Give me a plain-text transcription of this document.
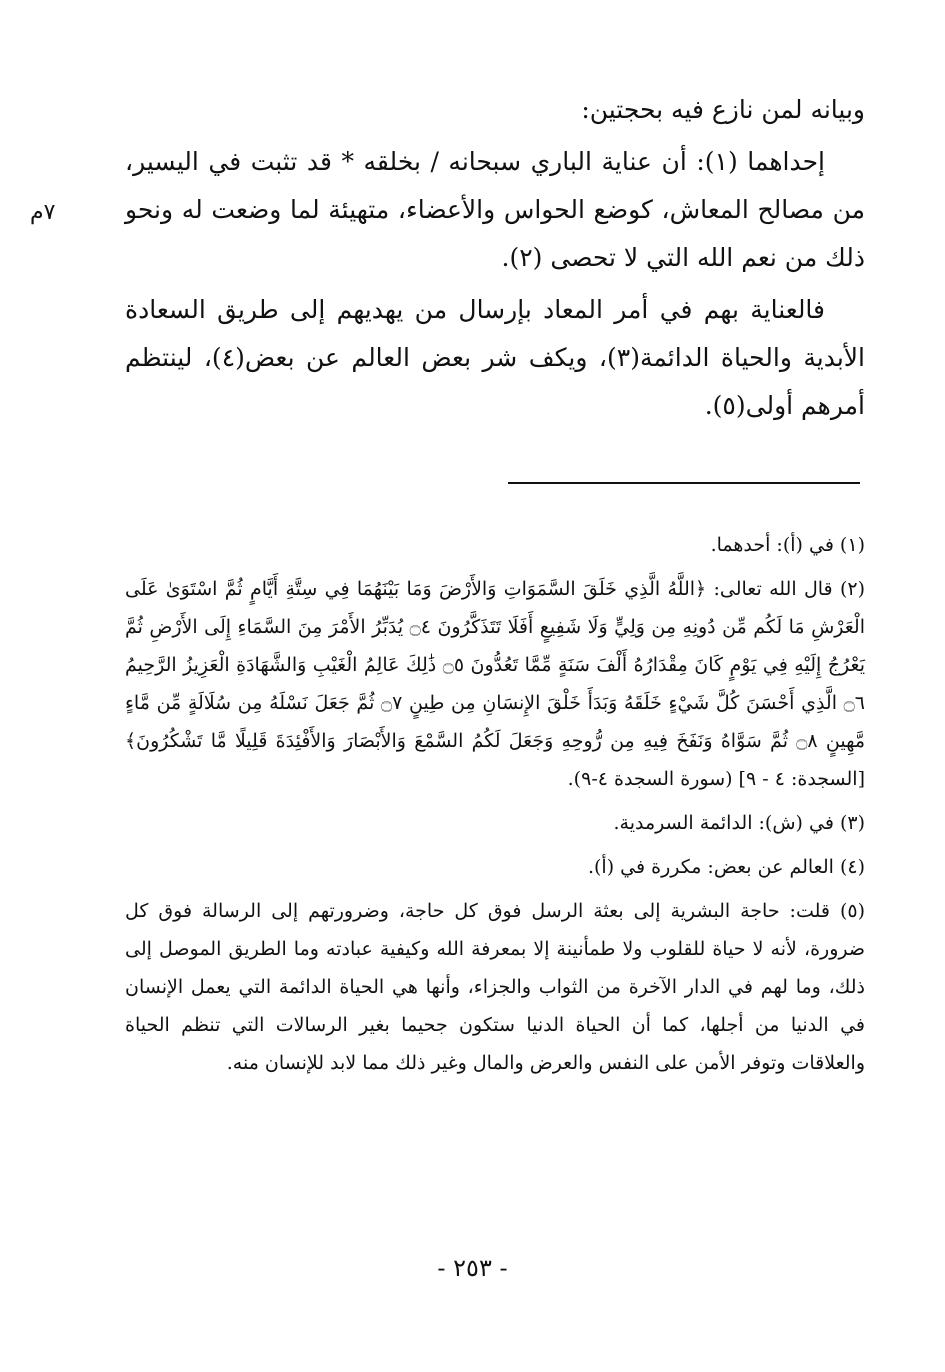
وبيانه لمن نازع فيه بحجتين:

إحداهما (١): أن عناية الباري سبحانه / بخلقه * قد تثبت في اليسير، من مصالح المعاش، كوضع الحواس والأعضاء، متهيئة لما وضعت له ونحو ذلك من نعم الله التي لا تحصى (٢).

فالعناية بهم في أمر المعاد بإرسال من يهديهم إلى طريق السعادة الأبدية والحياة الدائمة(٣)، ويكف شر بعض العالم عن بعض(٤)، لينتظم أمرهم أولى(٥).

٧م

(١) في (أ): أحدهما.

(٢) قال الله تعالى: ﴿اللَّهُ الَّذِي خَلَقَ السَّمَوَاتِ وَالأَرْضَ وَمَا بَيْنَهُمَا فِي سِتَّةِ أَيَّامٍ ثُمَّ اسْتَوَىٰ عَلَى الْعَرْشِ مَا لَكُم مِّن دُونِهِ مِن وَلِيٍّ وَلَا شَفِيعٍ أَفَلَا تَتَذَكَّرُونَ ۝٤ يُدَبِّرُ الأَمْرَ مِنَ السَّمَاءِ إِلَى الأَرْضِ ثُمَّ يَعْرُجُ إِلَيْهِ فِي يَوْمٍ كَانَ مِقْدَارُهُ أَلْفَ سَنَةٍ مِّمَّا تَعُدُّونَ ۝٥ ذَٰلِكَ عَالِمُ الْغَيْبِ وَالشَّهَادَةِ الْعَزِيزُ الرَّحِيمُ ۝٦ الَّذِي أَحْسَنَ كُلَّ شَيْءٍ خَلَقَهُ وَبَدَأَ خَلْقَ الإِنسَانِ مِن طِينٍ ۝٧ ثُمَّ جَعَلَ نَسْلَهُ مِن سُلَالَةٍ مِّن مَّاءٍ مَّهِينٍ ۝٨ ثُمَّ سَوَّاهُ وَنَفَخَ فِيهِ مِن رُّوحِهِ وَجَعَلَ لَكُمُ السَّمْعَ وَالأَبْصَارَ وَالأَفْئِدَةَ قَلِيلًا مَّا تَشْكُرُونَ﴾ [السجدة: ٤ - ٩] (سورة السجدة ٤-٩).

(٣) في (ش): الدائمة السرمدية.

(٤) العالم عن بعض: مكررة في (أ).

(٥) قلت: حاجة البشرية إلى بعثة الرسل فوق كل حاجة، وضرورتهم إلى الرسالة فوق كل ضرورة، لأنه لا حياة للقلوب ولا طمأنينة إلا بمعرفة الله وكيفية عبادته وما الطريق الموصل إلى ذلك، وما لهم في الدار الآخرة من الثواب والجزاء، وأنها هي الحياة الدائمة التي يعمل الإنسان في الدنيا من أجلها، كما أن الحياة الدنيا ستكون جحيما بغير الرسالات التي تنظم الحياة والعلاقات وتوفر الأمن على النفس والعرض والمال وغير ذلك مما لابد للإنسان منه.

- ٢٥٣ -
